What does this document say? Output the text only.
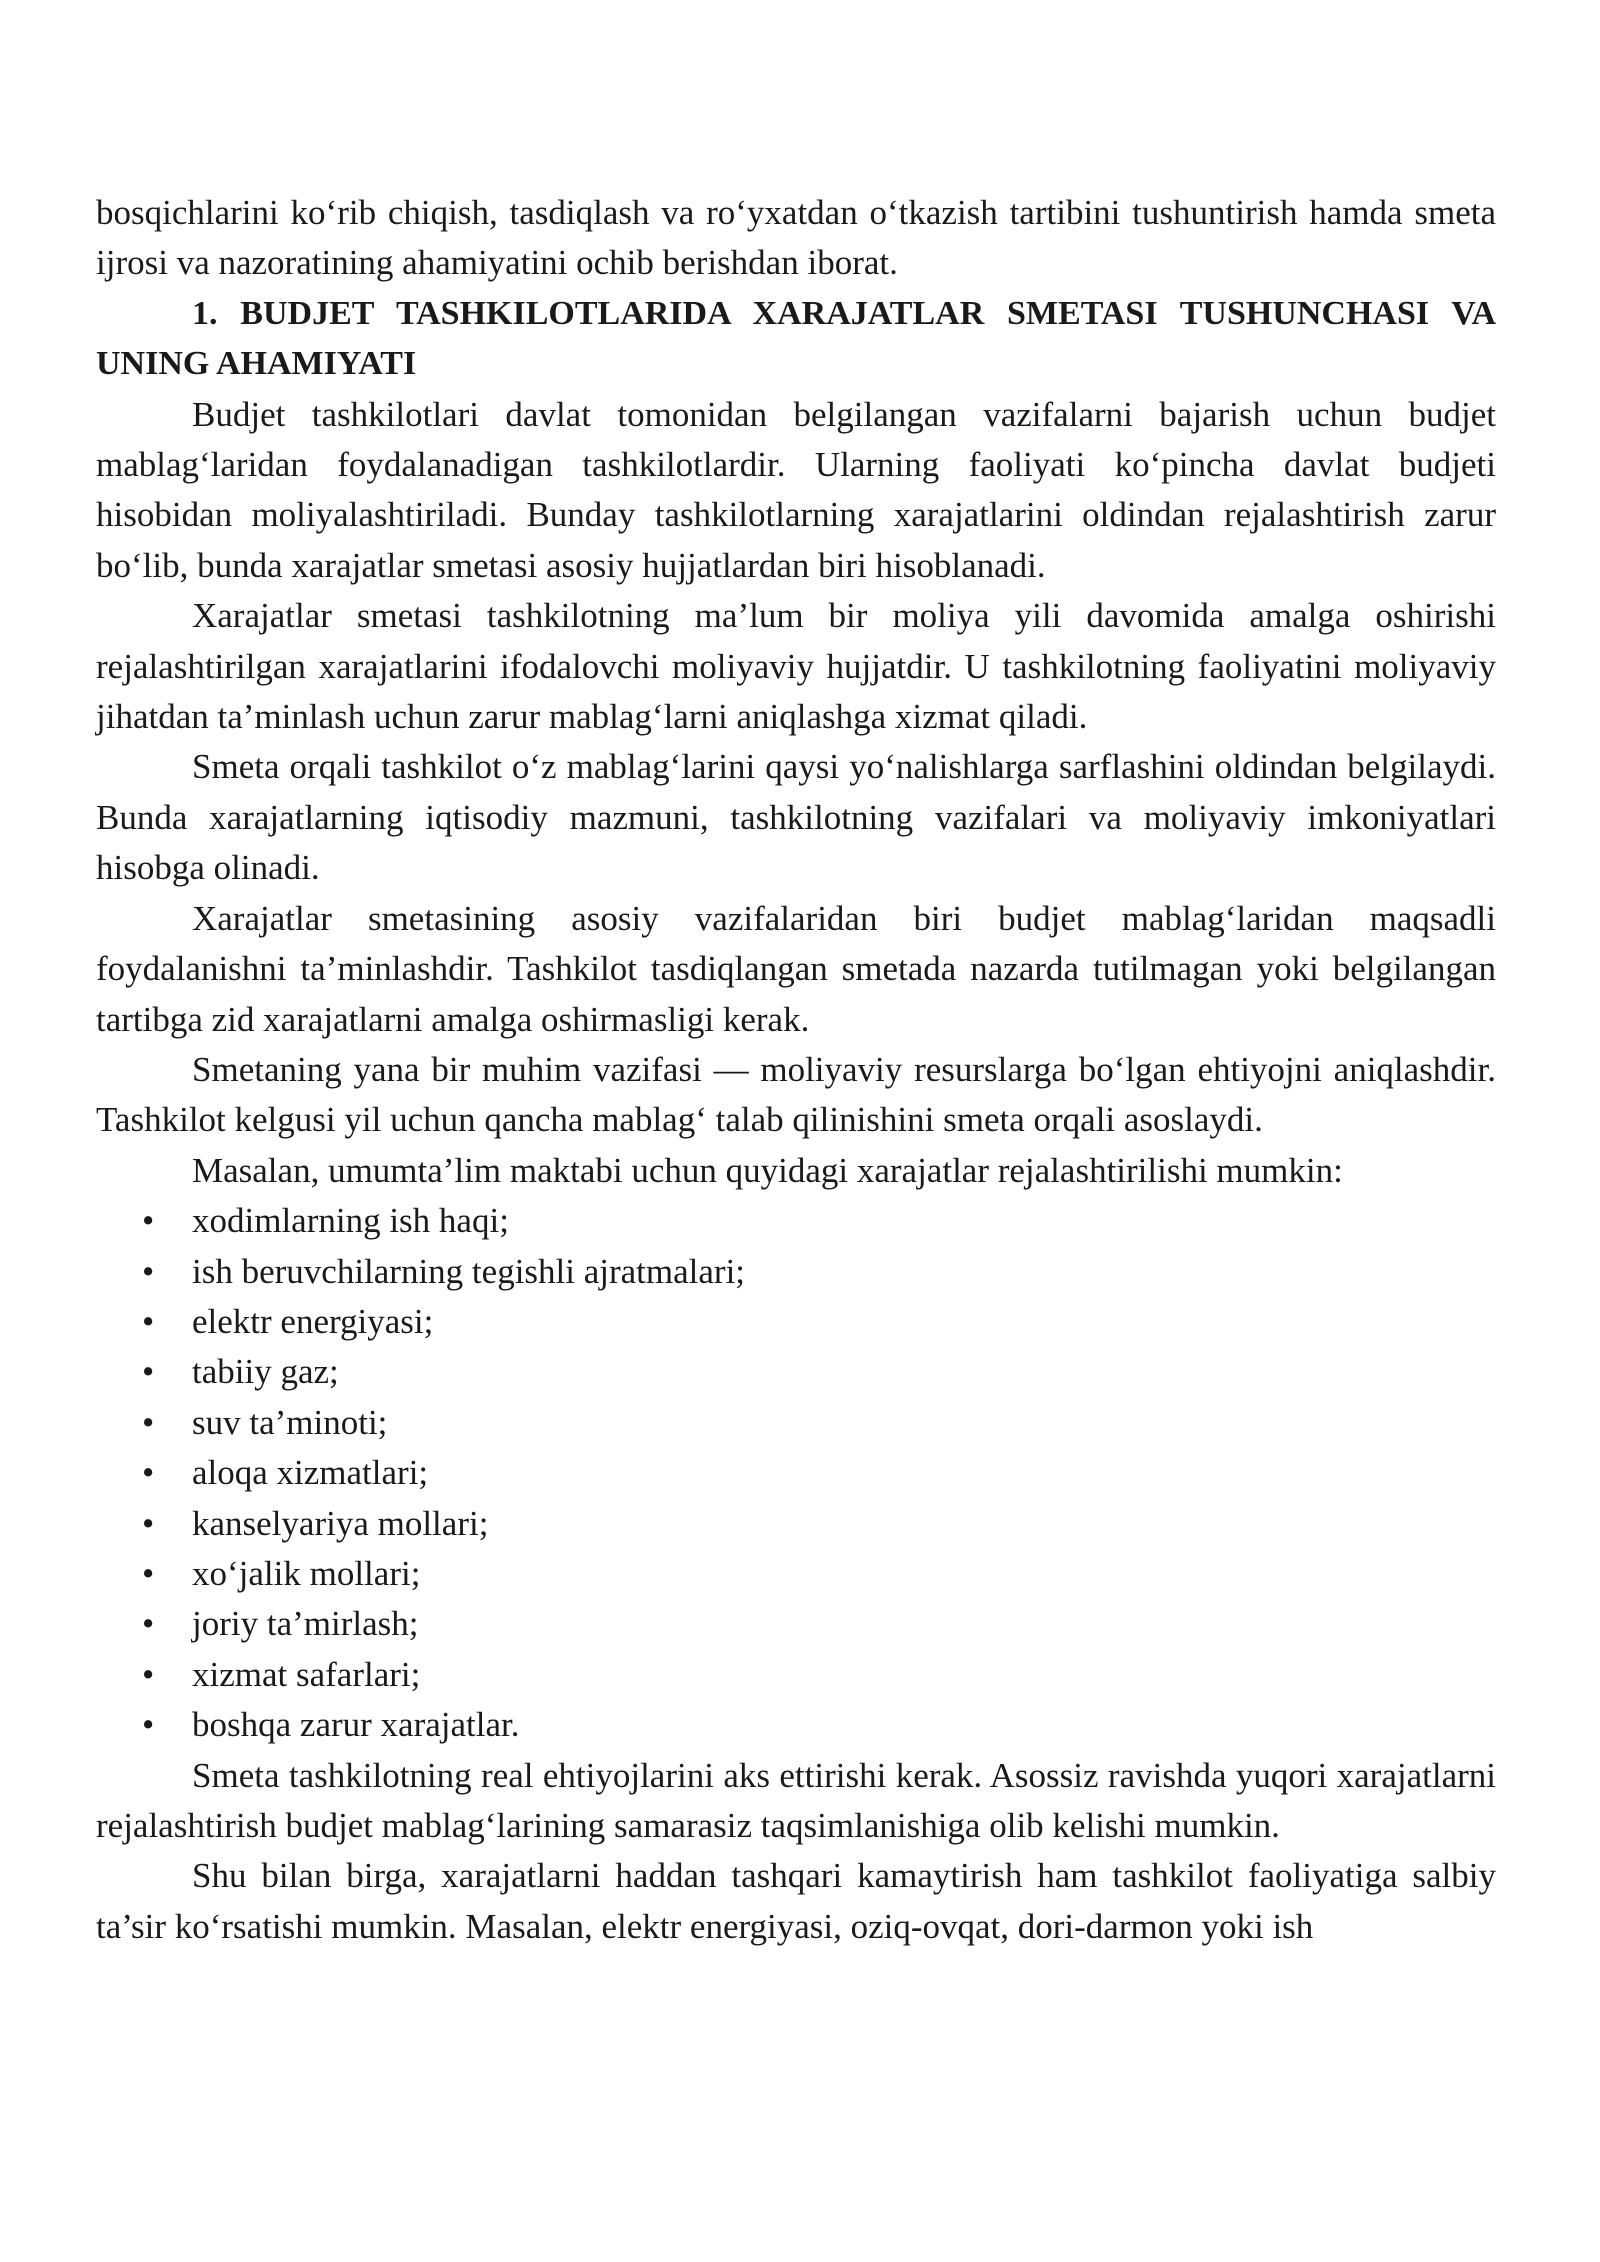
bosqichlarini ko‘rib chiqish, tasdiqlash va ro‘yxatdan o‘tkazish tartibini tushuntirish hamda smeta ijrosi va nazoratining ahamiyatini ochib berishdan iborat.

1. BUDJET TASHKILOTLARIDA XARAJATLAR SMETASI TUSHUNCHASI VA UNING AHAMIYATI

Budjet tashkilotlari davlat tomonidan belgilangan vazifalarni bajarish uchun budjet mablag‘laridan foydalanadigan tashkilotlardir. Ularning faoliyati ko‘pincha davlat budjeti hisobidan moliyalashtiriladi. Bunday tashkilotlarning xarajatlarini oldindan rejalashtirish zarur bo‘lib, bunda xarajatlar smetasi asosiy hujjatlardan biri hisoblanadi.

Xarajatlar smetasi tashkilotning ma’lum bir moliya yili davomida amalga oshirishi rejalashtirilgan xarajatlarini ifodalovchi moliyaviy hujjatdir. U tashkilotning faoliyatini moliyaviy jihatdan ta’minlash uchun zarur mablag‘larni aniqlashga xizmat qiladi.

Smeta orqali tashkilot o‘z mablag‘larini qaysi yo‘nalishlarga sarflashini oldindan belgilaydi. Bunda xarajatlarning iqtisodiy mazmuni, tashkilotning vazifalari va moliyaviy imkoniyatlari hisobga olinadi.

Xarajatlar smetasining asosiy vazifalaridan biri budjet mablag‘laridan maqsadli foydalanishni ta’minlashdir. Tashkilot tasdiqlangan smetada nazarda tutilmagan yoki belgilangan tartibga zid xarajatlarni amalga oshirmasligi kerak.

Smetaning yana bir muhim vazifasi — moliyaviy resurslarga bo‘lgan ehtiyojni aniqlashdir. Tashkilot kelgusi yil uchun qancha mablag‘ talab qilinishini smeta orqali asoslaydi.

Masalan, umumta’lim maktabi uchun quyidagi xarajatlar rejalashtirilishi mumkin:

• xodimlarning ish haqi;
• ish beruvchilarning tegishli ajratmalari;
• elektr energiyasi;
• tabiiy gaz;
• suv ta’minoti;
• aloqa xizmatlari;
• kanselyariya mollari;
• xo‘jalik mollari;
• joriy ta’mirlash;
• xizmat safarlari;
• boshqa zarur xarajatlar.

Smeta tashkilotning real ehtiyojlarini aks ettirishi kerak. Asossiz ravishda yuqori xarajatlarni rejalashtirish budjet mablag‘larining samarasiz taqsimlanishiga olib kelishi mumkin.

Shu bilan birga, xarajatlarni haddan tashqari kamaytirish ham tashkilot faoliyatiga salbiy ta’sir ko‘rsatishi mumkin. Masalan, elektr energiyasi, oziq-ovqat, dori-darmon yoki ish
